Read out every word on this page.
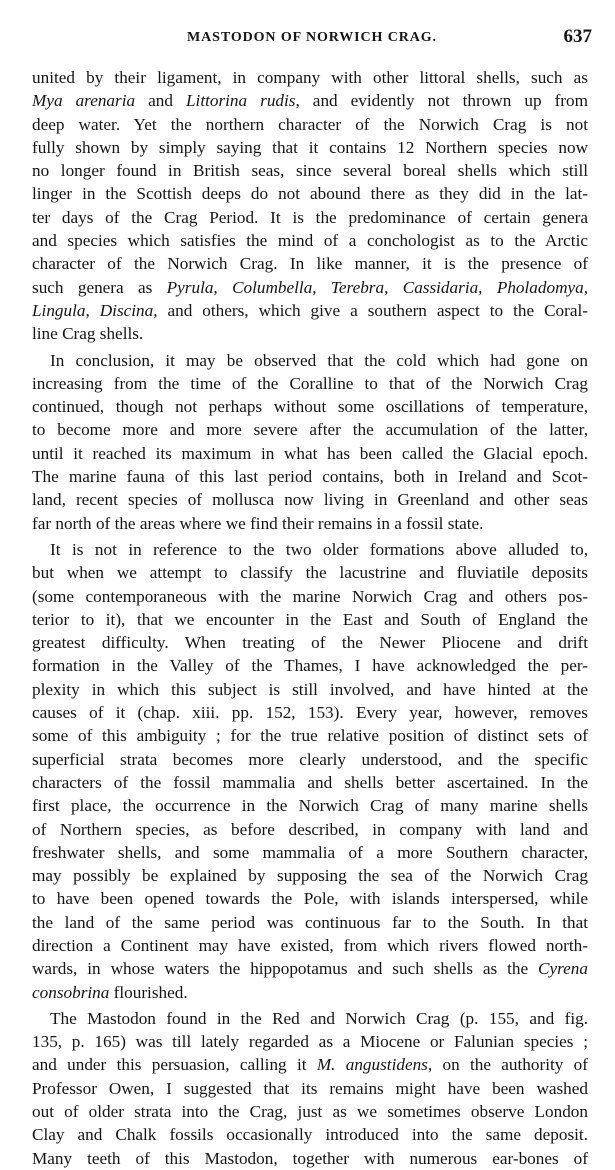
MASTODON OF NORWICH CRAG.	637
united by their ligament, in company with other littoral shells, such as
Mya arenaria and Littorina rudis, and evidently not thrown up from
deep water. Yet the northern character of the Norwich Crag is not
fully shown by simply saying that it contains 12 Northern species now
no longer found in British seas, since several boreal shells which still
linger in the Scottish deeps do not abound there as they did in the lat-
ter days of the Crag Period. It is the predominance of certain genera
and species which satisfies the mind of a conchologist as to the Arctic
character of the Norwich Crag. In like manner, it is the presence of
such genera as Pyrula, Columbella, Terebra, Cassidaria, Pholadomya,
Lingula, Discina, and others, which give a southern aspect to the Coral-
line Crag shells.
In conclusion, it may be observed that the cold which had gone on
increasing from the time of the Coralline to that of the Norwich Crag
continued, though not perhaps without some oscillations of temperature,
to become more and more severe after the accumulation of the latter,
until it reached its maximum in what has been called the Glacial epoch.
The marine fauna of this last period contains, both in Ireland and Scot-
land, recent species of mollusca now living in Greenland and other seas
far north of the areas where we find their remains in a fossil state.
It is not in reference to the two older formations above alluded to,
but when we attempt to classify the lacustrine and fluviatile deposits
(some contemporaneous with the marine Norwich Crag and others pos-
terior to it), that we encounter in the East and South of England the
greatest difficulty. When treating of the Newer Pliocene and drift
formation in the Valley of the Thames, I have acknowledged the per-
plexity in which this subject is still involved, and have hinted at the
causes of it (chap. xiii. pp. 152, 153). Every year, however, removes
some of this ambiguity ; for the true relative position of distinct sets of
superficial strata becomes more clearly understood, and the specific
characters of the fossil mammalia and shells better ascertained. In the
first place, the occurrence in the Norwich Crag of many marine shells
of Northern species, as before described, in company with land and
freshwater shells, and some mammalia of a more Southern character,
may possibly be explained by supposing the sea of the Norwich Crag
to have been opened towards the Pole, with islands interspersed, while
the land of the same period was continuous far to the South. In that
direction a Continent may have existed, from which rivers flowed north-
wards, in whose waters the hippopotamus and such shells as the Cyrena
consobrina flourished.
The Mastodon found in the Red and Norwich Crag (p. 155, and fig.
135, p. 165) was till lately regarded as a Miocene or Falunian species ;
and under this persuasion, calling it M. angustidens, on the authority of
Professor Owen, I suggested that its remains might have been washed
out of older strata into the Crag, just as we sometimes observe London
Clay and Chalk fossils occasionally introduced into the same deposit.
Many teeth of this Mastodon, together with numerous ear-bones of
